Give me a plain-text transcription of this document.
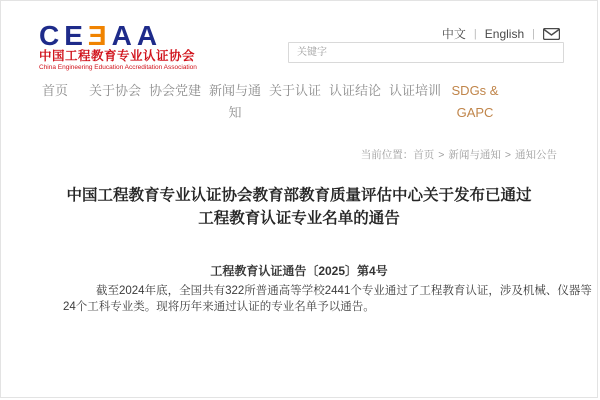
CEƎAA
中国工程教育专业认证协会
China Engineering Education Accreditation Association
中文 | English |
关键字
首页	关于协会 协会党建 新闻与通知
关于认证 认证结论 认证培训 SDGs & GAPC
当前位置：首页 > 新闻与通知 > 通知公告
中国工程教育专业认证协会教育部教育质量评估中心关于发布已通过
工程教育认证专业名单的通告
工程教育认证通告〔2025〕第4号
截至2024年底，全国共有322所普通高等学校2441个专业通过了工程教育认证，涉及机械、仪器等
24个工科专业类。现将历年来通过认证的专业名单予以通告。
